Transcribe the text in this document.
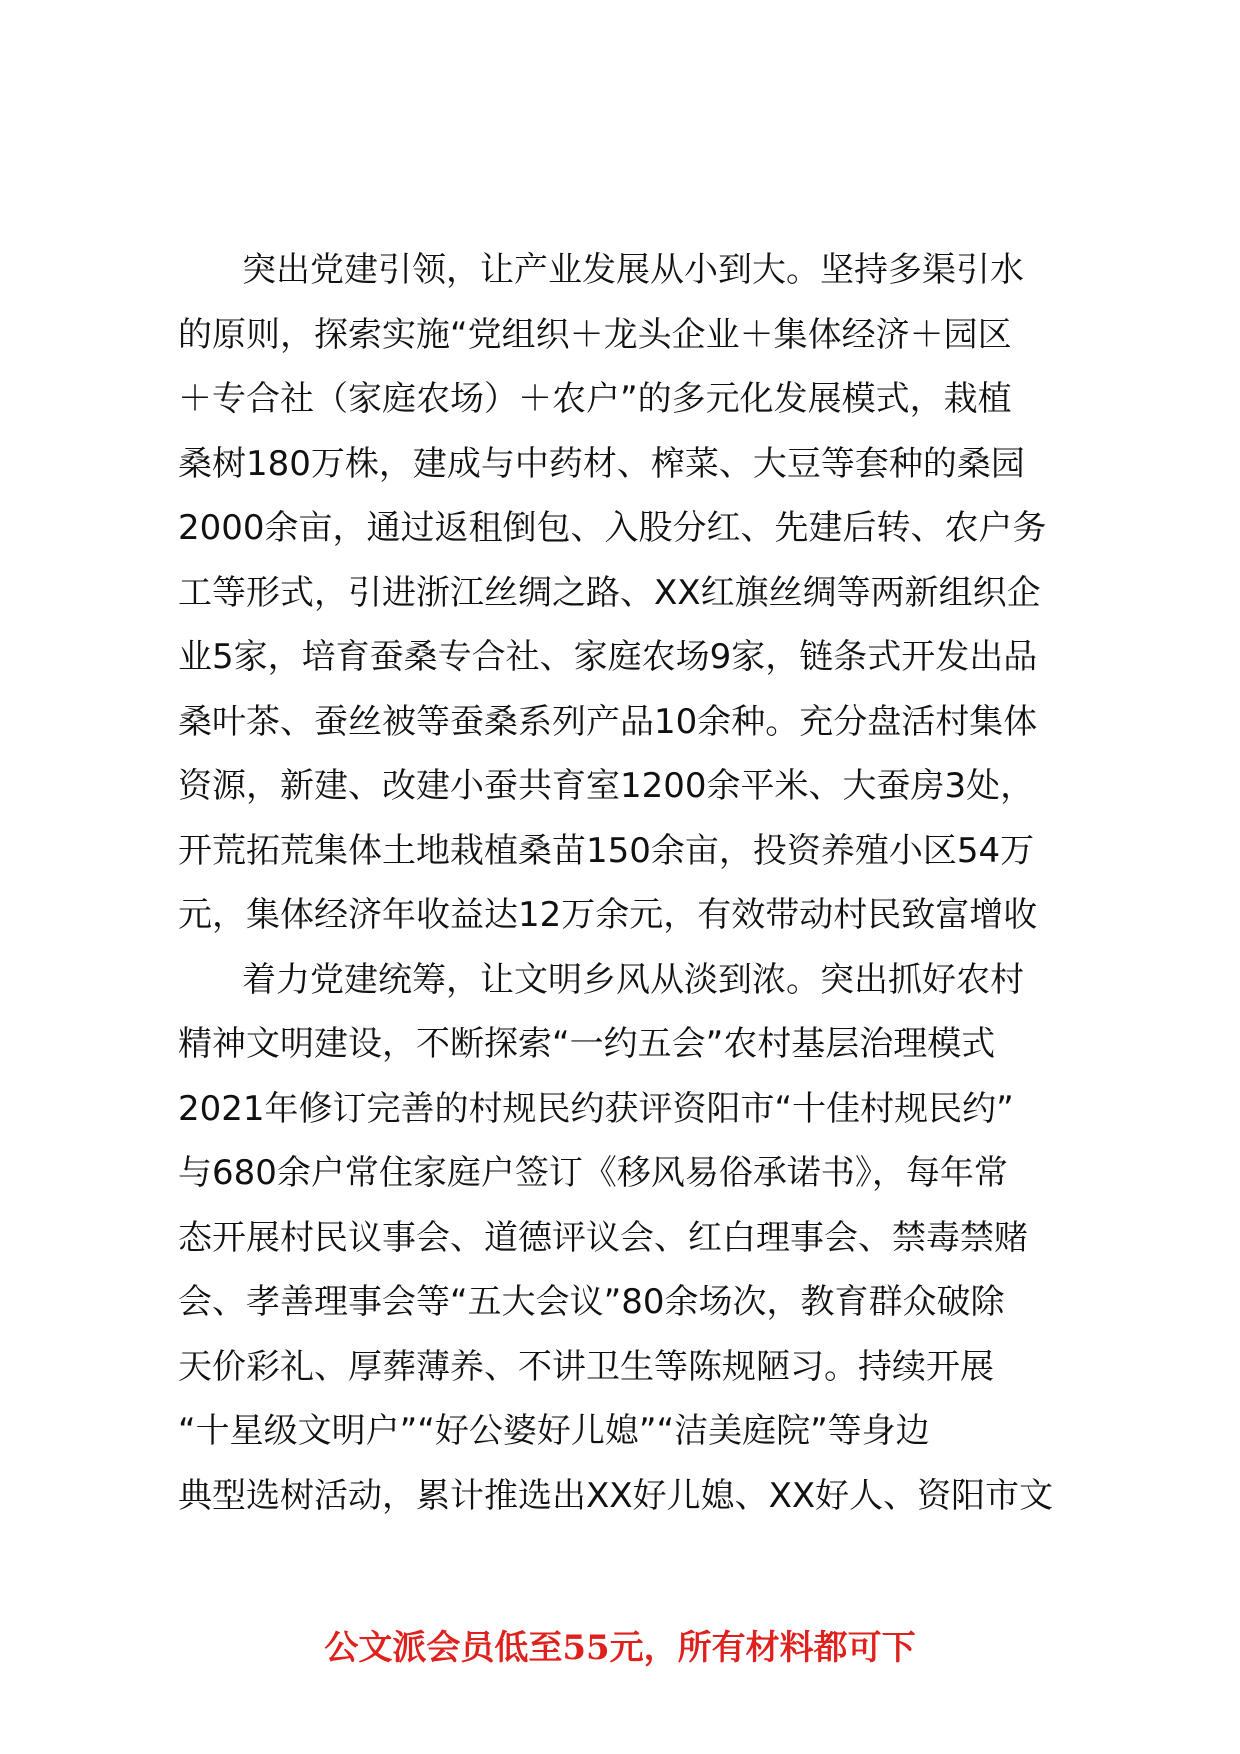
突出党建引领，让产业发展从小到大。坚持多渠引水
的原则，探索实施“党组织＋龙头企业＋集体经济＋园区
＋专合社（家庭农场）＋农户”的多元化发展模式，栽植
桑树180万株，建成与中药材、榨菜、大豆等套种的桑园
2000余亩，通过返租倒包、入股分红、先建后转、农户务
工等形式，引进浙江丝绸之路、XX红旗丝绸等两新组织企
业5家，培育蚕桑专合社、家庭农场9家，链条式开发出品
桑叶茶、蚕丝被等蚕桑系列产品10余种。充分盘活村集体
资源，新建、改建小蚕共育室1200余平米、大蚕房3处，
开荒拓荒集体土地栽植桑苗150余亩，投资养殖小区54万
元，集体经济年收益达12万余元，有效带动村民致富增收
着力党建统筹，让文明乡风从淡到浓。突出抓好农村
精神文明建设，不断探索“一约五会”农村基层治理模式
2021年修订完善的村规民约获评资阳市“十佳村规民约”
与680余户常住家庭户签订《移风易俗承诺书》，每年常
态开展村民议事会、道德评议会、红白理事会、禁毒禁赌
会、孝善理事会等“五大会议”80余场次，教育群众破除
天价彩礼、厚葬薄养、不讲卫生等陈规陋习。持续开展
“十星级文明户”“好公婆好儿媳”“洁美庭院”等身边
典型选树活动，累计推选出XX好儿媳、XX好人、资阳市文
公文派会员低至55元，所有材料都可下
